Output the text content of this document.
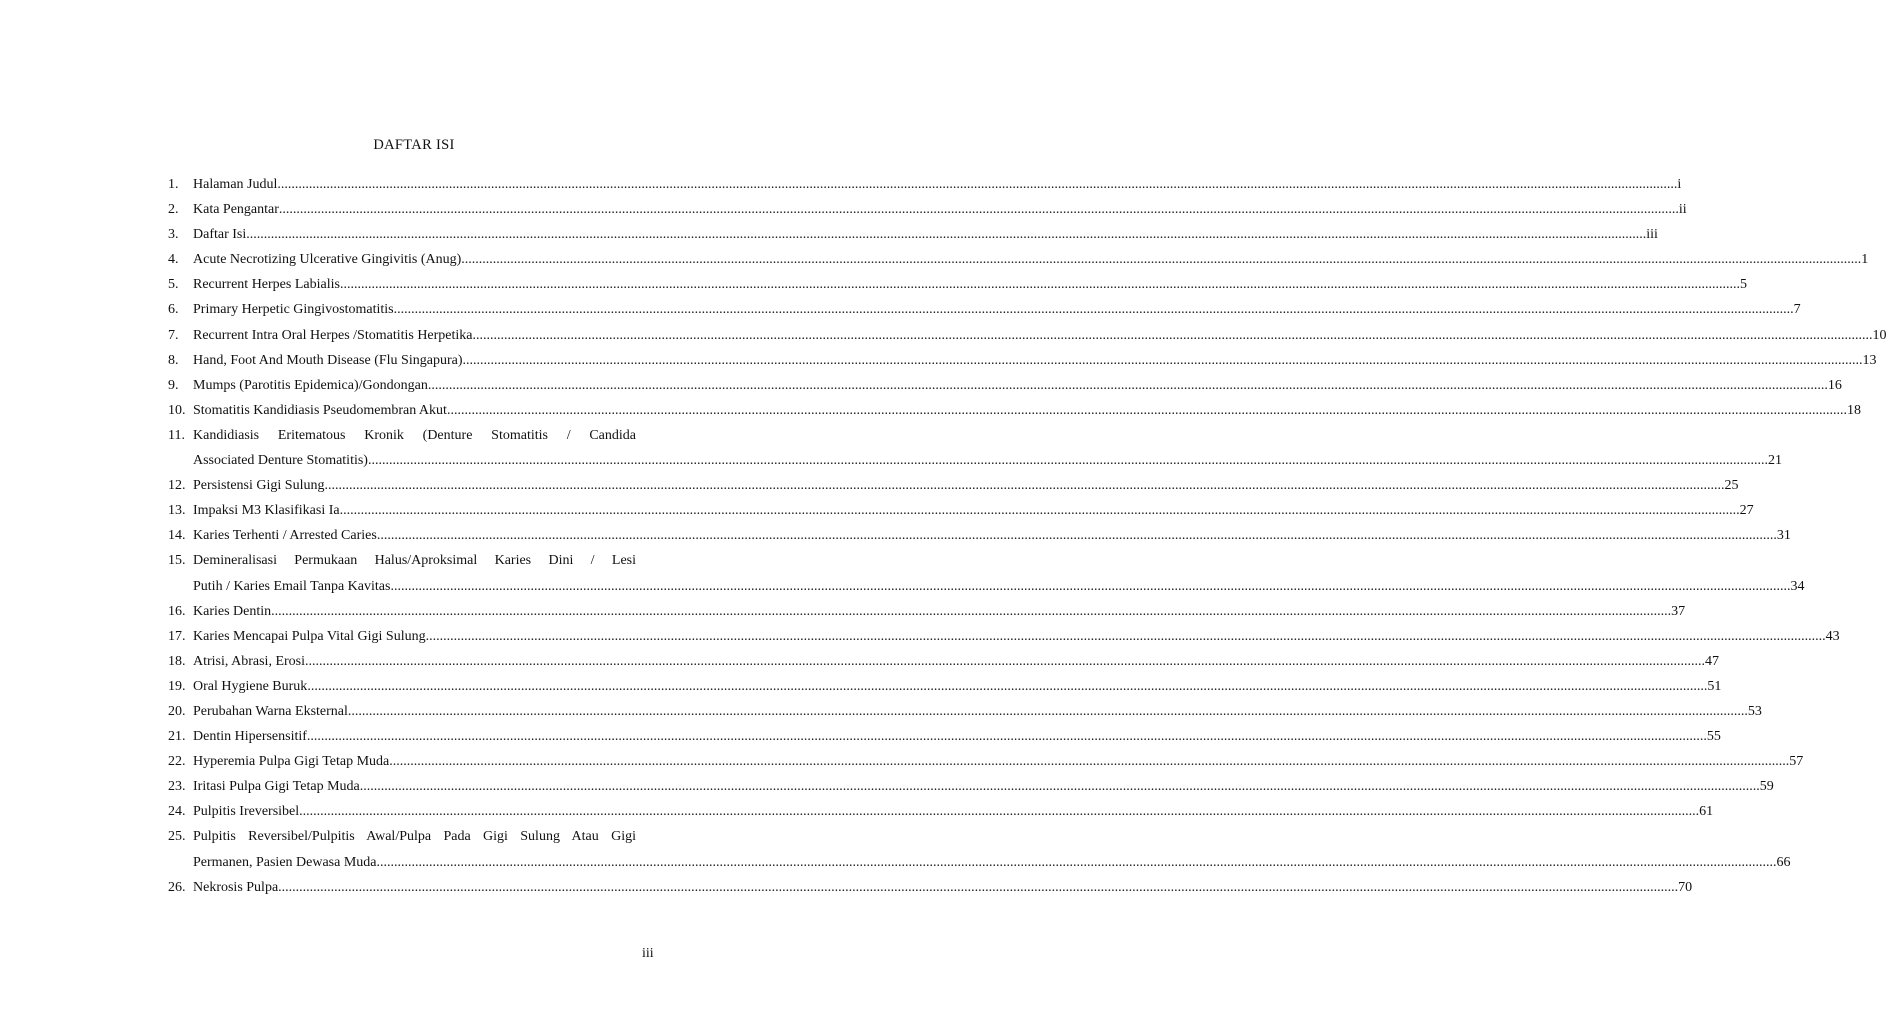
DAFTAR ISI
1. Halaman Judul ................................................................................................................................................................................................................................................................................................................................................................................................................ i
2. Kata Pengantar ................................................................................................................................................................................................................................................................................................................................................................................................................ ii
3. Daftar Isi ................................................................................................................................................................................................................................................................................................................................................................................................................ iii
4. Acute Necrotizing Ulcerative Gingivitis (Anug) ................................................................................................................................................................................................................................................................................................................................................................................................................ 1
5. Recurrent Herpes Labialis ................................................................................................................................................................................................................................................................................................................................................................................................................ 5
6. Primary Herpetic Gingivostomatitis ................................................................................................................................................................................................................................................................................................................................................................................................................ 7
7. Recurrent Intra Oral Herpes /Stomatitis Herpetika ................................................................................................................................................................................................................................................................................................................................................................................................................ 10
8. Hand, Foot And Mouth Disease (Flu Singapura) ................................................................................................................................................................................................................................................................................................................................................................................................................ 13
9. Mumps (Parotitis Epidemica)/Gondongan ................................................................................................................................................................................................................................................................................................................................................................................................................ 16
10. Stomatitis Kandidiasis Pseudomembran Akut ................................................................................................................................................................................................................................................................................................................................................................................................................ 18
11. Kandidiasis Eritematous Kronik (Denture Stomatitis / Candida
Associated Denture Stomatitis) ................................................................................................................................................................................................................................................................................................................................................................................................................ 21
12. Persistensi Gigi Sulung ................................................................................................................................................................................................................................................................................................................................................................................................................ 25
13. Impaksi M3 Klasifikasi Ia ................................................................................................................................................................................................................................................................................................................................................................................................................ 27
14. Karies Terhenti / Arrested Caries ................................................................................................................................................................................................................................................................................................................................................................................................................ 31
15. Demineralisasi Permukaan Halus/Aproksimal Karies Dini / Lesi
Putih / Karies Email Tanpa Kavitas ................................................................................................................................................................................................................................................................................................................................................................................................................ 34
16. Karies Dentin ................................................................................................................................................................................................................................................................................................................................................................................................................ 37
17. Karies Mencapai Pulpa Vital Gigi Sulung ................................................................................................................................................................................................................................................................................................................................................................................................................ 43
18. Atrisi, Abrasi, Erosi ................................................................................................................................................................................................................................................................................................................................................................................................................ 47
19. Oral Hygiene Buruk ................................................................................................................................................................................................................................................................................................................................................................................................................ 51
20. Perubahan Warna Eksternal ................................................................................................................................................................................................................................................................................................................................................................................................................ 53
21. Dentin Hipersensitif ................................................................................................................................................................................................................................................................................................................................................................................................................ 55
22. Hyperemia Pulpa Gigi Tetap Muda ................................................................................................................................................................................................................................................................................................................................................................................................................ 57
23. Iritasi Pulpa Gigi Tetap Muda ................................................................................................................................................................................................................................................................................................................................................................................................................ 59
24. Pulpitis Ireversibel ................................................................................................................................................................................................................................................................................................................................................................................................................ 61
25. Pulpitis Reversibel/Pulpitis Awal/Pulpa Pada Gigi Sulung Atau Gigi
Permanen, Pasien Dewasa Muda ................................................................................................................................................................................................................................................................................................................................................................................................................ 66
26. Nekrosis Pulpa ................................................................................................................................................................................................................................................................................................................................................................................................................ 70
iii
